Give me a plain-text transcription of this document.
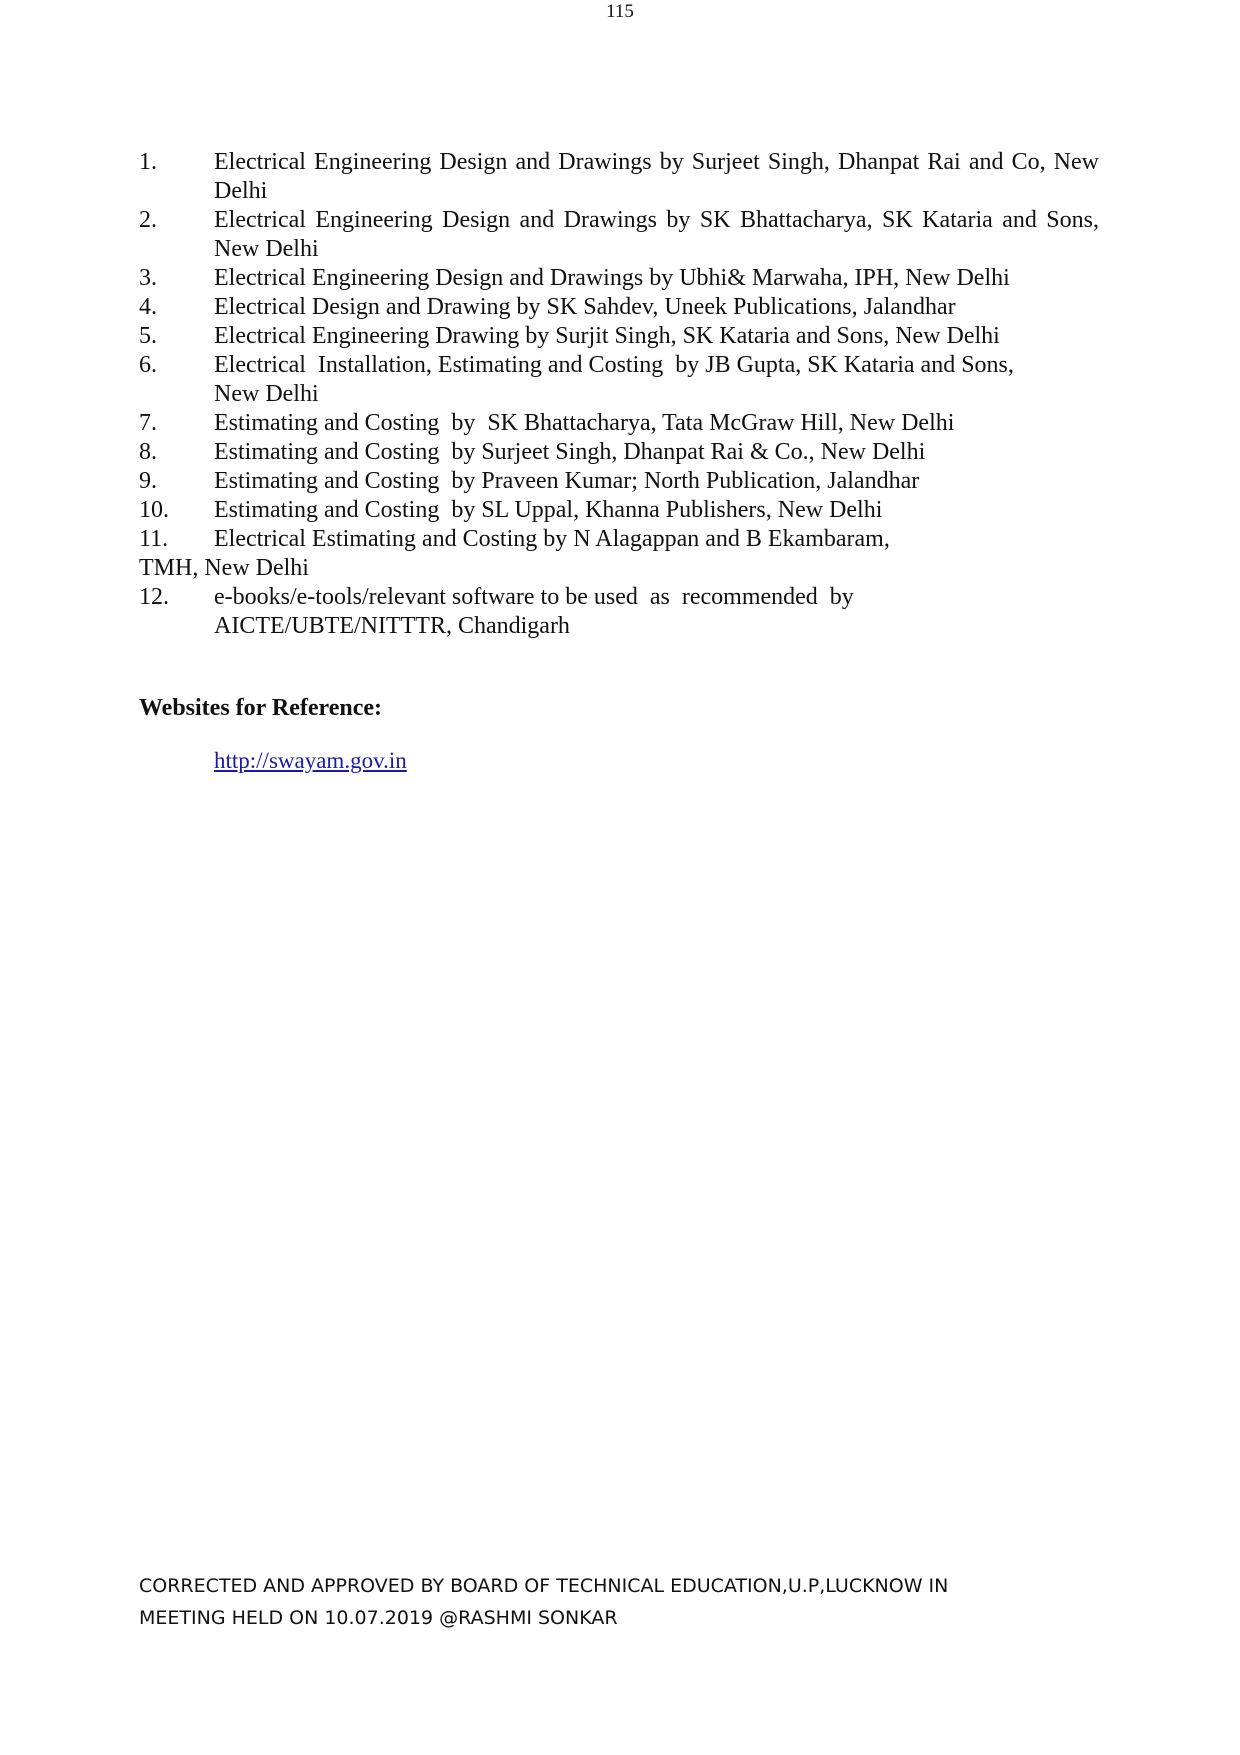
115
1. Electrical Engineering Design and Drawings by Surjeet Singh, Dhanpat Rai and Co, New Delhi
2. Electrical Engineering Design and Drawings by SK Bhattacharya, SK Kataria and Sons, New Delhi
3. Electrical Engineering Design and Drawings by Ubhi& Marwaha, IPH, New Delhi
4. Electrical Design and Drawing by SK Sahdev, Uneek Publications, Jalandhar
5. Electrical Engineering Drawing by Surjit Singh, SK Kataria and Sons, New Delhi
6. Electrical  Installation, Estimating and Costing  by JB Gupta, SK Kataria and Sons, New Delhi
7. Estimating and Costing  by  SK Bhattacharya, Tata McGraw Hill, New Delhi
8. Estimating and Costing  by Surjeet Singh, Dhanpat Rai & Co., New Delhi
9. Estimating and Costing  by Praveen Kumar; North Publication, Jalandhar
10. Estimating and Costing  by SL Uppal, Khanna Publishers, New Delhi
11. Electrical Estimating and Costing by N Alagappan and B Ekambaram, TMH, New Delhi
12. e-books/e-tools/relevant software to be used  as  recommended  by AICTE/UBTE/NITTTR, Chandigarh
Websites for Reference:
http://swayam.gov.in
CORRECTED AND APPROVED BY BOARD OF TECHNICAL EDUCATION,U.P,LUCKNOW IN
MEETING HELD ON 10.07.2019 @RASHMI SONKAR
